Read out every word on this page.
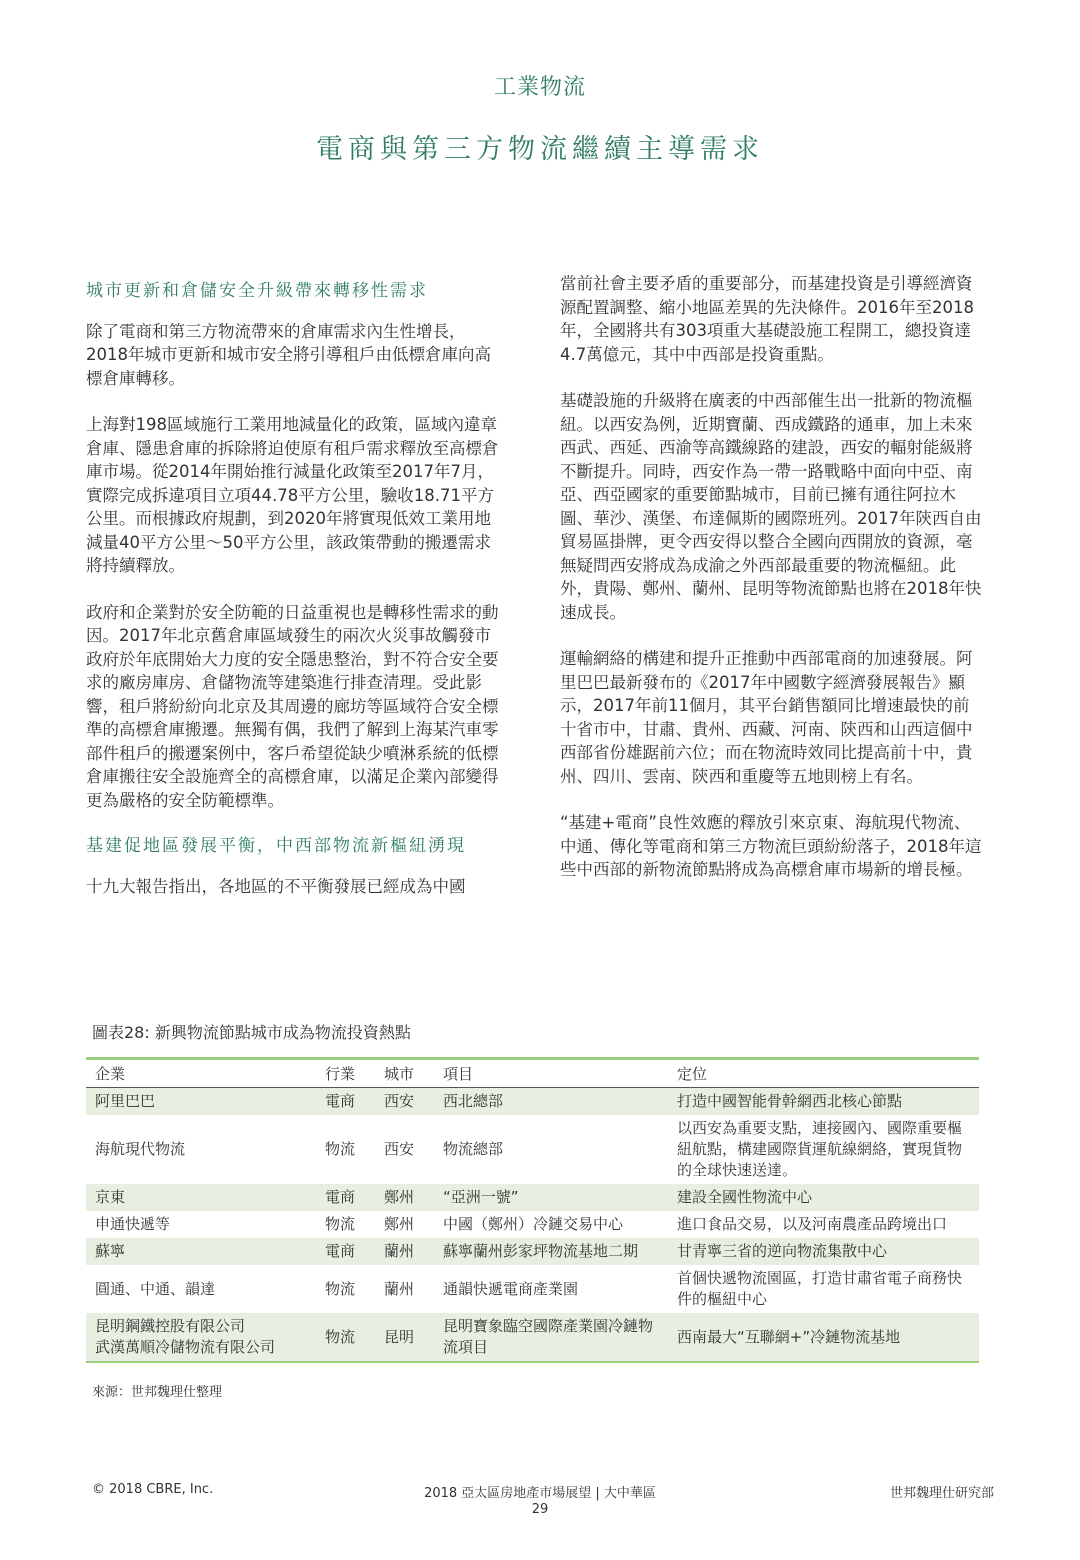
工業物流
電商與第三方物流繼續主導需求
城市更新和倉儲安全升級帶來轉移性需求

除了電商和第三方物流帶來的倉庫需求內生性增長，2018年城市更新和城市安全將引導租戶由低標倉庫向高標倉庫轉移。

上海對198區域施行工業用地減量化的政策，區域內違章倉庫、隱患倉庫的拆除將迫使原有租戶需求釋放至高標倉庫市場。從2014年開始推行減量化政策至2017年7月，實際完成拆違項目立項44.78平方公里，驗收18.71平方公里。而根據政府規劃，到2020年將實現低效工業用地減量40平方公里～50平方公里，該政策帶動的搬遷需求將持續釋放。

政府和企業對於安全防範的日益重視也是轉移性需求的動因。2017年北京舊倉庫區域發生的兩次火災事故觸發市政府於年底開始大力度的安全隱患整治，對不符合安全要求的廠房庫房、倉儲物流等建築進行排查清理。受此影響，租戶將紛紛向北京及其周邊的廊坊等區域符合安全標準的高標倉庫搬遷。無獨有偶，我們了解到上海某汽車零部件租戶的搬遷案例中，客戶希望從缺少噴淋系統的低標倉庫搬往安全設施齊全的高標倉庫，以滿足企業內部變得更為嚴格的安全防範標準。

基建促地區發展平衡，中西部物流新樞紐湧現

十九大報告指出，各地區的不平衡發展已經成為中國

當前社會主要矛盾的重要部分，而基建投資是引導經濟資源配置調整、縮小地區差異的先決條件。2016年至2018年，全國將共有303項重大基礎設施工程開工，總投資達4.7萬億元，其中中西部是投資重點。

基礎設施的升級將在廣袤的中西部催生出一批新的物流樞紐。以西安為例，近期寶蘭、西成鐵路的通車，加上未來西武、西延、西渝等高鐵線路的建設，西安的輻射能級將不斷提升。同時，西安作為一帶一路戰略中面向中亞、南亞、西亞國家的重要節點城市，目前已擁有通往阿拉木圖、華沙、漢堡、布達佩斯的國際班列。2017年陝西自由貿易區掛牌，更令西安得以整合全國向西開放的資源，毫無疑問西安將成為成渝之外西部最重要的物流樞紐。此外，貴陽、鄭州、蘭州、昆明等物流節點也將在2018年快速成長。

運輸網絡的構建和提升正推動中西部電商的加速發展。阿里巴巴最新發布的《2017年中國數字經濟發展報告》顯示，2017年前11個月，其平台銷售額同比增速最快的前十省市中，甘肅、貴州、西藏、河南、陝西和山西這個中西部省份雄踞前六位；而在物流時效同比提高前十中，貴州、四川、雲南、陝西和重慶等五地則榜上有名。

“基建+電商”良性效應的釋放引來京東、海航現代物流、中通、傳化等電商和第三方物流巨頭紛紛落子，2018年這些中西部的新物流節點將成為高標倉庫市場新的增長極。

圖表28: 新興物流節點城市成為物流投資熱點
企業	行業	城市	項目	定位
阿里巴巴	電商	西安	西北總部	打造中國智能骨幹網西北核心節點
海航現代物流	物流	西安	物流總部	以西安為重要支點，連接國內、國際重要樞紐航點，構建國際貨運航線網絡，實現貨物的全球快速送達。
京東	電商	鄭州	“亞洲一號”	建設全國性物流中心
申通快遞等	物流	鄭州	中國（鄭州）冷鏈交易中心	進口食品交易，以及河南農產品跨境出口
蘇寧	電商	蘭州	蘇寧蘭州彭家坪物流基地二期	甘青寧三省的逆向物流集散中心
圓通、中通、韻達	物流	蘭州	通韻快遞電商產業園	首個快遞物流園區，打造甘肅省電子商務快件的樞紐中心
昆明鋼鐵控股有限公司
武漢萬順冷儲物流有限公司	物流	昆明	昆明寶象臨空國際產業園冷鏈物流項目	西南最大“互聯網+”冷鏈物流基地
來源：世邦魏理仕整理
© 2018 CBRE, Inc.	2018 亞太區房地產市場展望 | 大中華區	世邦魏理仕研究部
29
